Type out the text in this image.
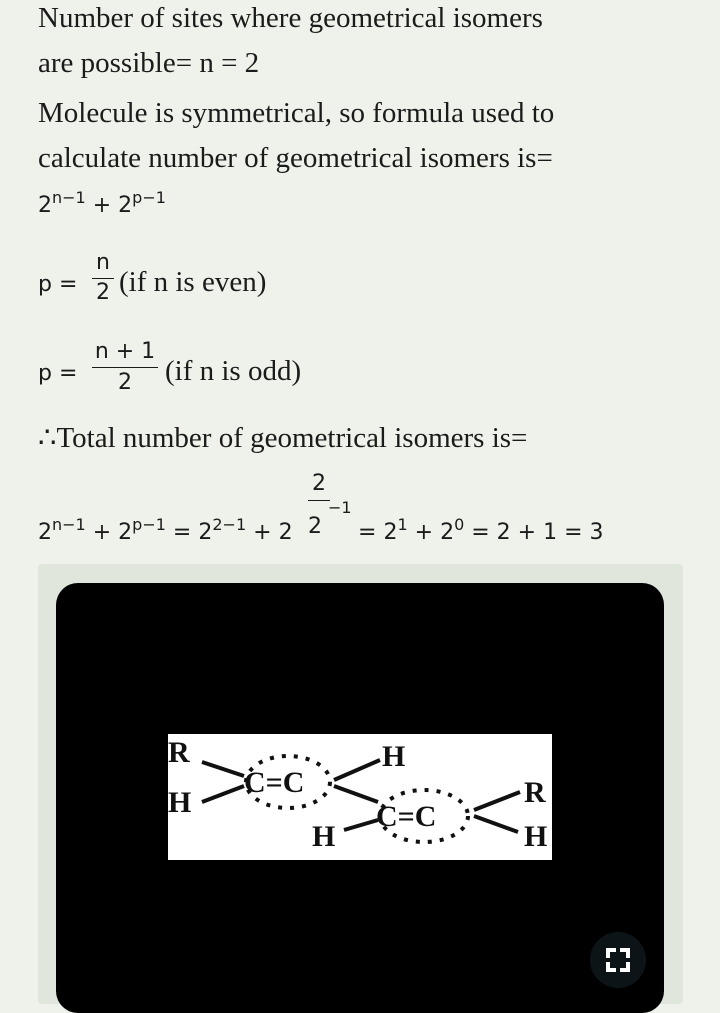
Number of sites where geometrical isomers

are possible= n = 2

Molecule is symmetrical, so formula used to

calculate number of geometrical isomers is=

$2^{n-1} + 2^{p-1}$
p =
n
2 (if n is even)
p =
n + 1
2	(if n is odd)

∴Total number of geometrical isomers is=

$2^{n-1} + 2^{p-1} = 2^{2-1} + 2$
2
2
−1
= $2^1 + 2^0 = 2 + 1 = 3$
R
H
C=C
H
H
C=C
R
H
